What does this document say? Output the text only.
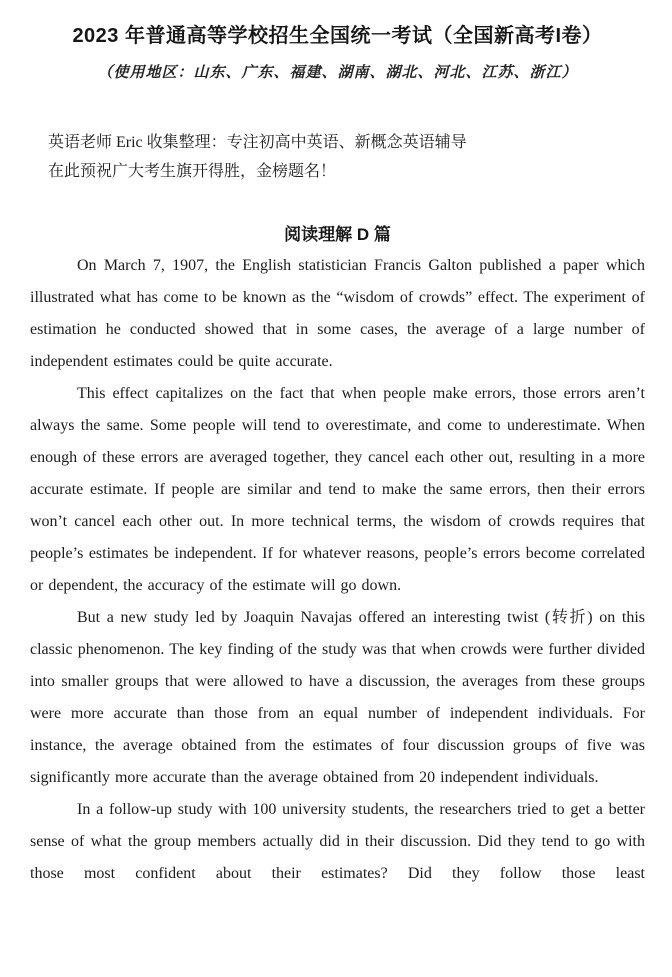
2023 年普通高等学校招生全国统一考试（全国新高考I卷）
（使用地区：山东、广东、福建、湖南、湖北、河北、江苏、浙江）

英语老师 Eric 收集整理：专注初高中英语、新概念英语辅导

在此预祝广大考生旗开得胜，金榜题名！

阅读理解 D 篇

On March 7, 1907, the English statistician Francis Galton published a paper which illustrated what has come to be known as the “wisdom of crowds” effect. The experiment of estimation he conducted showed that in some cases, the average of a large number of independent estimates could be quite accurate.

This effect capitalizes on the fact that when people make errors, those errors aren’t always the same. Some people will tend to overestimate, and come to underestimate. When enough of these errors are averaged together, they cancel each other out, resulting in a more accurate estimate. If people are similar and tend to make the same errors, then their errors won’t cancel each other out. In more technical terms, the wisdom of crowds requires that people’s estimates be independent. If for whatever reasons, people’s errors become correlated or dependent, the accuracy of the estimate will go down.

But a new study led by Joaquin Navajas offered an interesting twist (转折) on this classic phenomenon. The key finding of the study was that when crowds were further divided into smaller groups that were allowed to have a discussion, the averages from these groups were more accurate than those from an equal number of independent individuals. For instance, the average obtained from the estimates of four discussion groups of five was significantly more accurate than the average obtained from 20 independent individuals.

In a follow-up study with 100 university students, the researchers tried to get a better sense of what the group members actually did in their discussion. Did they tend to go with those most confident about their estimates? Did they follow those least
